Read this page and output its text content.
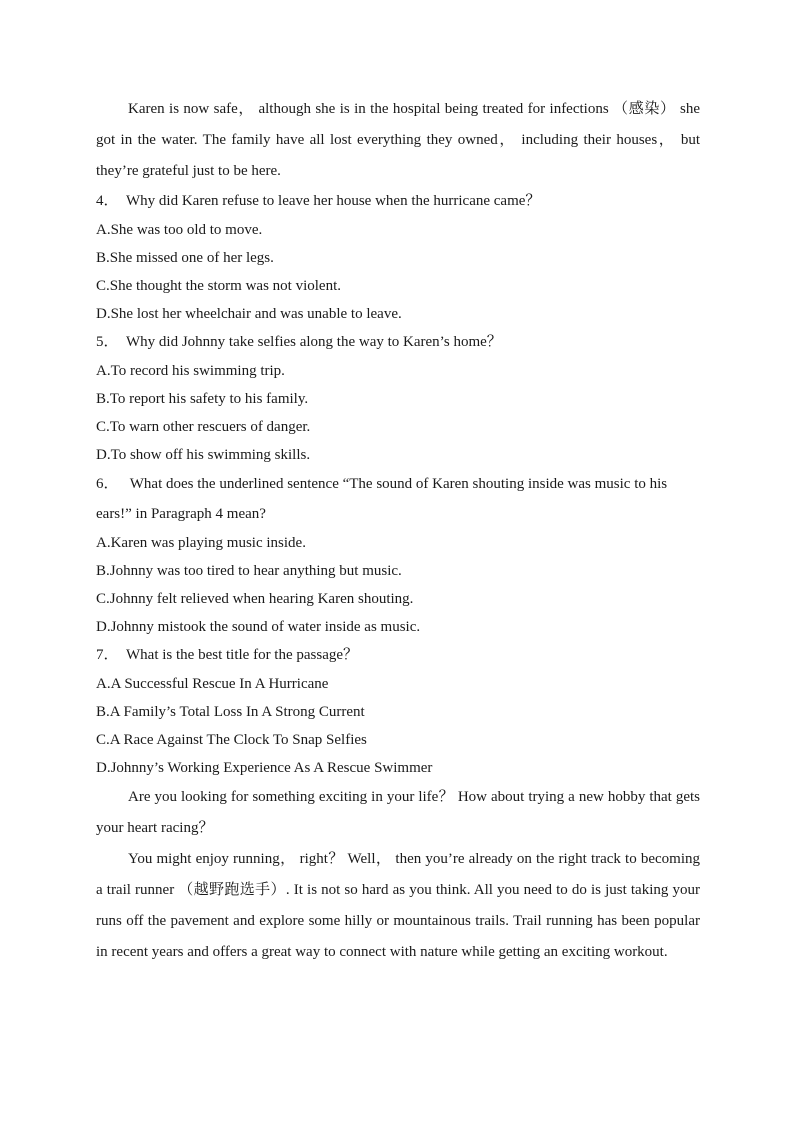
Karen is now safe， although she is in the hospital being treated for infections （感染） she got in the water. The family have all lost everything they owned， including their houses， but they’re grateful just to be here.

4． Why did Karen refuse to leave her house when the hurricane came？

A.She was too old to move.

B.She missed one of her legs.

C.She thought the storm was not violent.

D.She lost her wheelchair and was unable to leave.

5． Why did Johnny take selfies along the way to Karen’s home？

A.To record his swimming trip.

B.To report his safety to his family.

C.To warn other rescuers of danger.

D.To show off his swimming skills.

6． What does the underlined sentence “The sound of Karen shouting inside was music to his ears!” in Paragraph 4 mean?

A.Karen was playing music inside.

B.Johnny was too tired to hear anything but music.

C.Johnny felt relieved when hearing Karen shouting.

D.Johnny mistook the sound of water inside as music.

7． What is the best title for the passage？

A.A Successful Rescue In A Hurricane

B.A Family’s Total Loss In A Strong Current

C.A Race Against The Clock To Snap Selfies

D.Johnny’s Working Experience As A Rescue Swimmer

Are you looking for something exciting in your life？ How about trying a new hobby that gets your heart racing？

You might enjoy running， right？ Well， then you’re already on the right track to becoming a trail runner （越野跑选手）. It is not so hard as you think. All you need to do is just taking your runs off the pavement and explore some hilly or mountainous trails. Trail running has been popular in recent years and offers a great way to connect with nature while getting an exciting workout.
